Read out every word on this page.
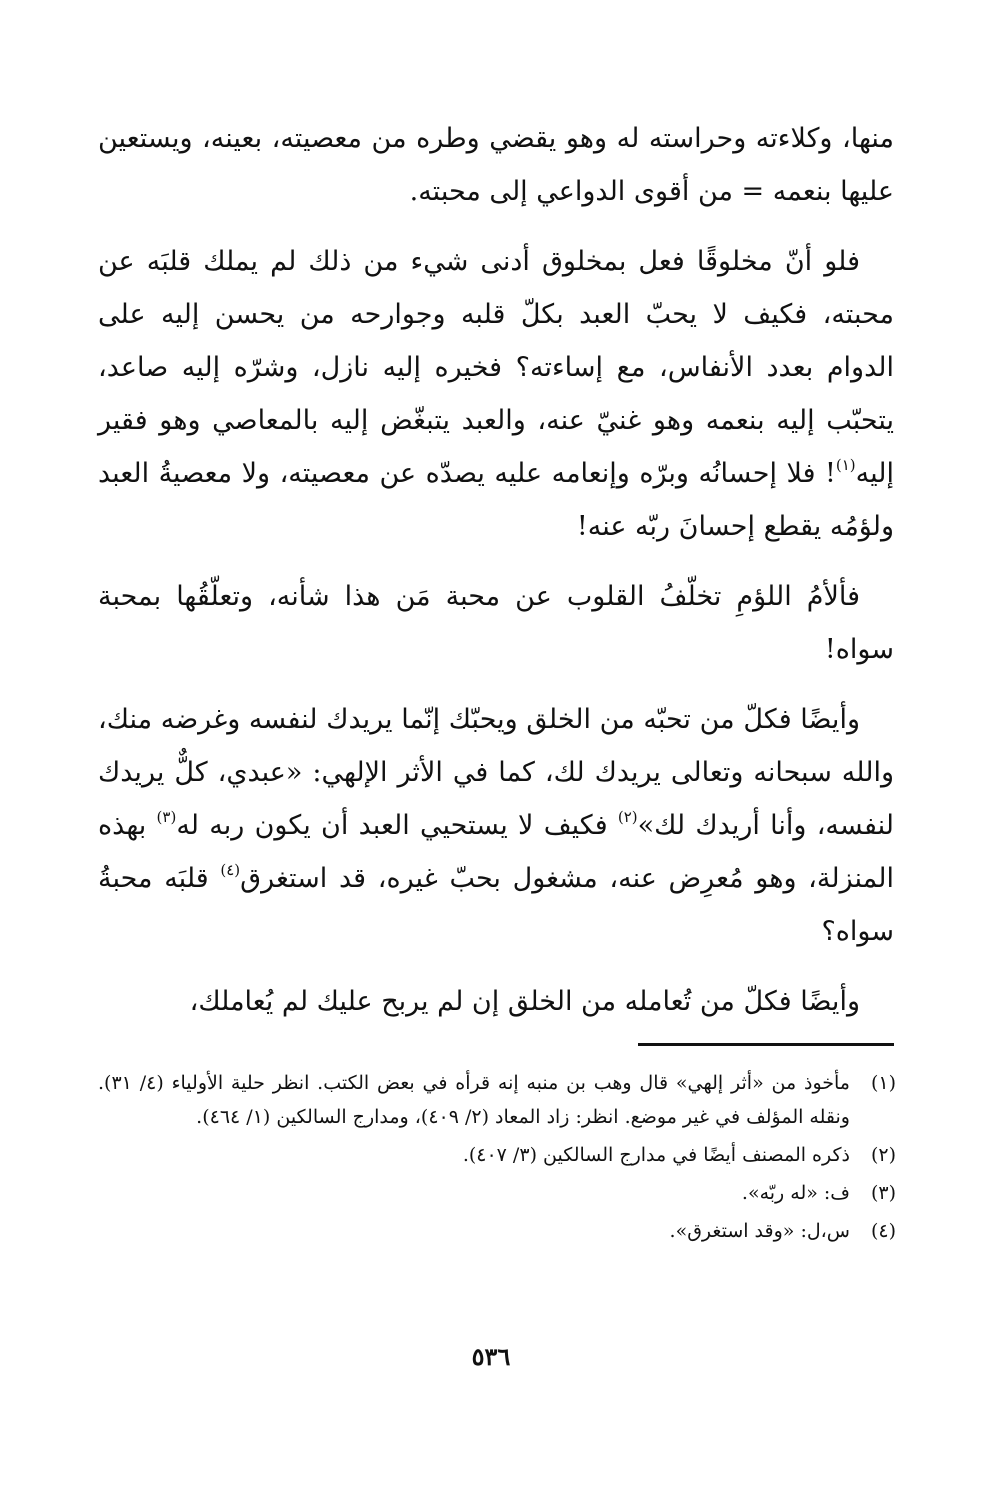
منها، وكلاءته وحراسته له وهو يقضي وطره من معصيته، بعينه، ويستعين عليها بنعمه = من أقوى الدواعي إلى محبته.

فلو أنّ مخلوقًا فعل بمخلوق أدنى شيء من ذلك لم يملك قلبَه عن محبته، فكيف لا يحبّ العبد بكلّ قلبه وجوارحه من يحسن إليه على الدوام بعدد الأنفاس، مع إساءته؟ فخيره إليه نازل، وشرّه إليه صاعد، يتحبّب إليه بنعمه وهو غنيّ عنه، والعبد يتبغّض إليه بالمعاصي وهو فقير إليه$^{(١)}$! فلا إحسانُه وبرّه وإنعامه عليه يصدّه عن معصيته، ولا معصيةُ العبد ولؤمُه يقطع إحسانَ ربّه عنه!

فألأمُ اللؤمِ تخلّفُ القلوب عن محبة مَن هذا شأنه، وتعلّقُها بمحبة سواه!

وأيضًا فكلّ من تحبّه من الخلق ويحبّك إنّما يريدك لنفسه وغرضه منك، والله سبحانه وتعالى يريدك لك، كما في الأثر الإلهي: «عبدي، كلٌّ يريدك لنفسه، وأنا أريدك لك»$^{(٢)}$ فكيف لا يستحيي العبد أن يكون ربه له$^{(٣)}$ بهذه المنزلة، وهو مُعرِض عنه، مشغول بحبّ غيره، قد استغرق$^{(٤)}$ قلبَه محبةُ سواه؟

وأيضًا فكلّ من تُعامله من الخلق إن لم يربح عليك لم يُعاملك،

(١)
مأخوذ من «أثر إلهي» قال وهب بن منبه إنه قرأه في بعض الكتب. انظر حلية الأولياء (٤/ ٣١). ونقله المؤلف في غير موضع. انظر: زاد المعاد (٢/ ٤٠٩)، ومدارج السالكين (١/ ٤٦٤).
(٢)
ذكره المصنف أيضًا في مدارج السالكين (٣/ ٤٠٧).
(٣)
ف: «له ربّه».
(٤)
س،ل: «وقد استغرق».
٥٣٦
